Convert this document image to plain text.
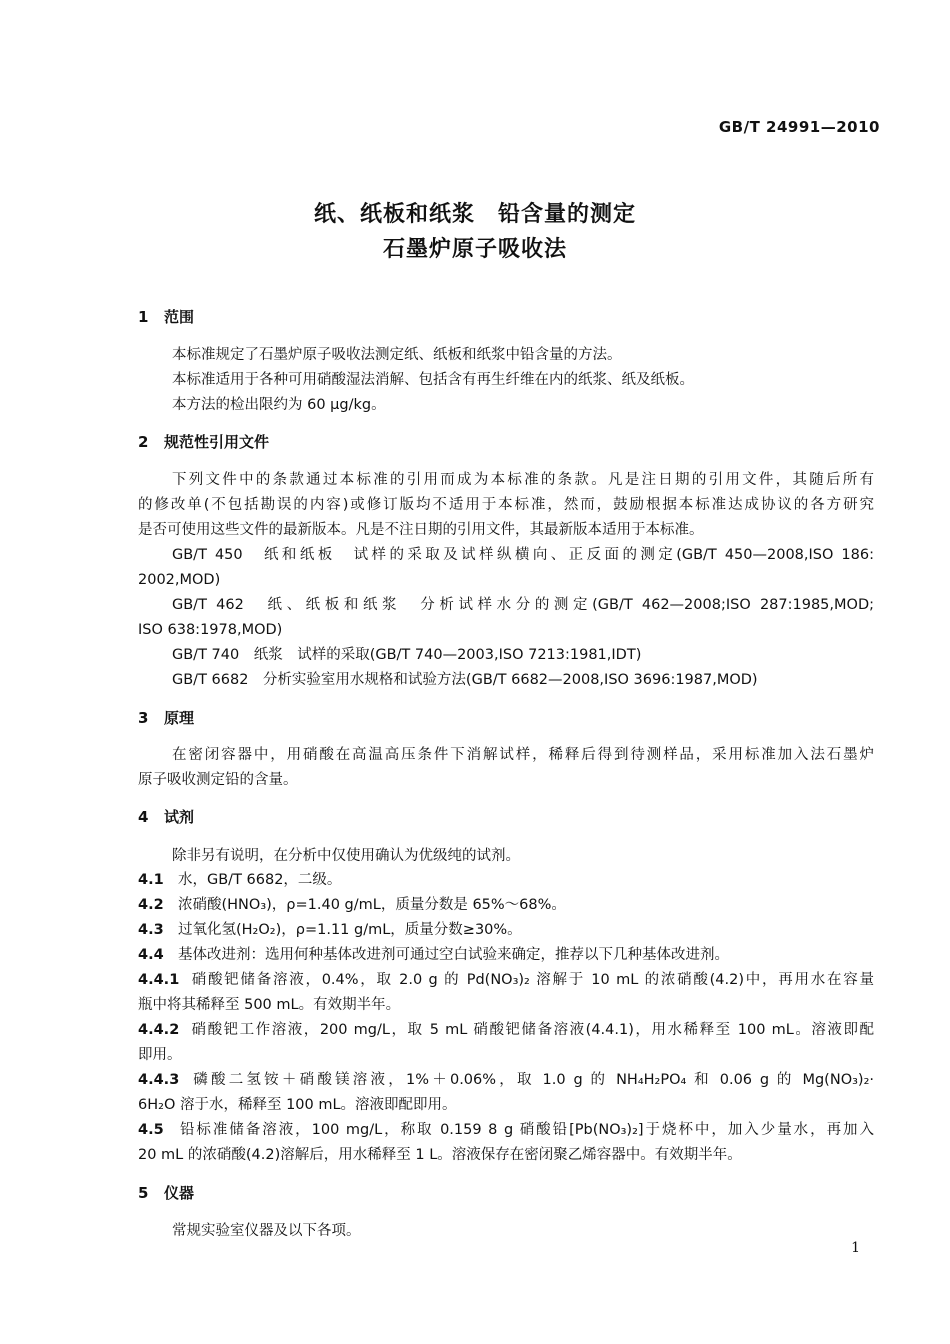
GB/T 24991—2010
纸、纸板和纸浆　铅含量的测定
石墨炉原子吸收法
1 范围
本标准规定了石墨炉原子吸收法测定纸、纸板和纸浆中铅含量的方法。
本标准适用于各种可用硝酸湿法消解、包括含有再生纤维在内的纸浆、纸及纸板。
本方法的检出限约为 60 μg/kg。
2 规范性引用文件
下列文件中的条款通过本标准的引用而成为本标准的条款。凡是注日期的引用文件，其随后所有
的修改单(不包括勘误的内容)或修订版均不适用于本标准，然而，鼓励根据本标准达成协议的各方研究
是否可使用这些文件的最新版本。凡是不注日期的引用文件，其最新版本适用于本标准。
GB/T 450　纸和纸板　试样的采取及试样纵横向、正反面的测定(GB/T 450—2008,ISO 186:
2002,MOD)
GB/T 462　纸、纸板和纸浆　分析试样水分的测定(GB/T 462—2008;ISO 287:1985,MOD;
ISO 638:1978,MOD)
GB/T 740　纸浆　试样的采取(GB/T 740—2003,ISO 7213:1981,IDT)
GB/T 6682　分析实验室用水规格和试验方法(GB/T 6682—2008,ISO 3696:1987,MOD)
3 原理
在密闭容器中，用硝酸在高温高压条件下消解试样，稀释后得到待测样品，采用标准加入法石墨炉
原子吸收测定铅的含量。
4 试剂
除非另有说明，在分析中仅使用确认为优级纯的试剂。
4.1 水，GB/T 6682，二级。
4.2 浓硝酸(HNO₃)，ρ=1.40 g/mL，质量分数是 65%～68%。
4.3 过氧化氢(H₂O₂)，ρ=1.11 g/mL，质量分数≥30%。
4.4 基体改进剂：选用何种基体改进剂可通过空白试验来确定，推荐以下几种基体改进剂。
4.4.1 硝酸钯储备溶液，0.4%，取 2.0 g 的 Pd(NO₃)₂ 溶解于 10 mL 的浓硝酸(4.2)中，再用水在容量
瓶中将其稀释至 500 mL。有效期半年。
4.4.2 硝酸钯工作溶液，200 mg/L，取 5 mL 硝酸钯储备溶液(4.4.1)，用水稀释至 100 mL。溶液即配
即用。
4.4.3 磷酸二氢铵＋硝酸镁溶液，1%＋0.06%，取 1.0 g 的 NH₄H₂PO₄ 和 0.06 g 的 Mg(NO₃)₂·
6H₂O 溶于水，稀释至 100 mL。溶液即配即用。
4.5 铅标准储备溶液，100 mg/L，称取 0.159 8 g 硝酸铅[Pb(NO₃)₂]于烧杯中，加入少量水，再加入
20 mL 的浓硝酸(4.2)溶解后，用水稀释至 1 L。溶液保存在密闭聚乙烯容器中。有效期半年。
5 仪器
常规实验室仪器及以下各项。
1
